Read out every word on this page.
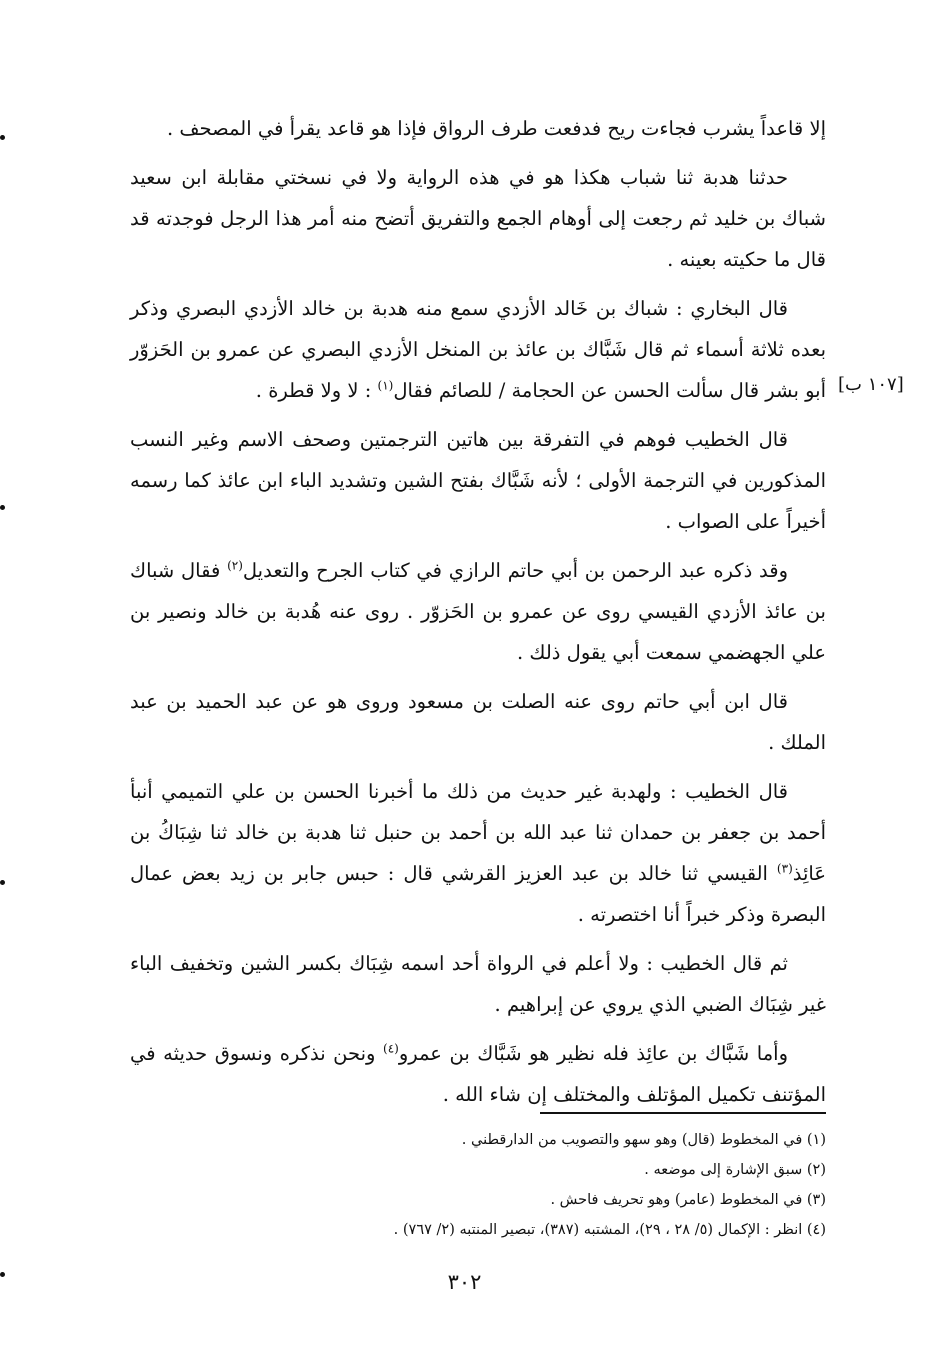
إلا قاعداً يشرب فجاءت ريح فدفعت طرف الرواق فإذا هو قاعد يقرأ في المصحف .

حدثنا هدبة ثنا شباب هكذا هو في هذه الرواية ولا في نسختي مقابلة ابن سعيد شباك بن خليد ثم رجعت إلى أوهام الجمع والتفريق أتضح منه أمر هذا الرجل فوجدته قد قال ما حكيته بعينه .

قال البخاري : شباك بن خَالد الأزدي سمع منه هدبة بن خالد الأزدي البصري وذكر بعده ثلاثة أسماء ثم قال شَبَّاك بن عائذ بن المنخل الأزدي البصري عن عمرو بن الحَزوّر أبو بشر قال سألت الحسن عن الحجامة / للصائم فقال$^{(١)}$ : لا ولا قطرة .

قال الخطيب فوهم في التفرقة بين هاتين الترجمتين وصحف الاسم وغير النسب المذكورين في الترجمة الأولى ؛ لأنه شَبَّاك بفتح الشين وتشديد الباء ابن عائذ كما رسمه أخيراً على الصواب .

وقد ذكره عبد الرحمن بن أبي حاتم الرازي في كتاب الجرح والتعديل$^{(٢)}$ فقال شباك بن عائذ الأزدي القيسي روى عن عمرو بن الحَزوّر . روى عنه هُدبة بن خالد ونصير بن علي الجهضمي سمعت أبي يقول ذلك .

قال ابن أبي حاتم روى عنه الصلت بن مسعود وروى هو عن عبد الحميد بن عبد الملك .

قال الخطيب : ولهدبة غير حديث من ذلك ما أخبرنا الحسن بن علي التميمي أنبأ أحمد بن جعفر بن حمدان ثنا عبد الله بن أحمد بن حنبل ثنا هدبة بن خالد ثنا شِبَاكُ بن عَائِذ$^{(٣)}$ القيسي ثنا خالد بن عبد العزيز القرشي قال : حبس جابر بن زيد بعض عمال البصرة وذكر خبراً أنا اختصرته .

ثم قال الخطيب : ولا أعلم في الرواة أحد اسمه شِبَاك بكسر الشين وتخفيف الباء غير شِبَاك الضبي الذي يروي عن إبراهيم .

وأما شَبَّاك بن عائِذ فله نظير هو شَبَّاك بن عمرو$^{(٤)}$ ونحن نذكره ونسوق حديثه في المؤتنف تكميل المؤتلف والمختلف إن شاء الله .

[١٠٧ ب]

(١) في المخطوط (قال) وهو سهو والتصويب من الدارقطني .

(٢) سبق الإشارة إلى موضعه .

(٣) في المخطوط (عامر) وهو تحريف فاحش .

(٤) انظر : الإكمال (٥/ ٢٨ ، ٢٩)، المشتبه (٣٨٧)، تبصير المنتبه (٢/ ٧٦٧) .

٣٠٢
